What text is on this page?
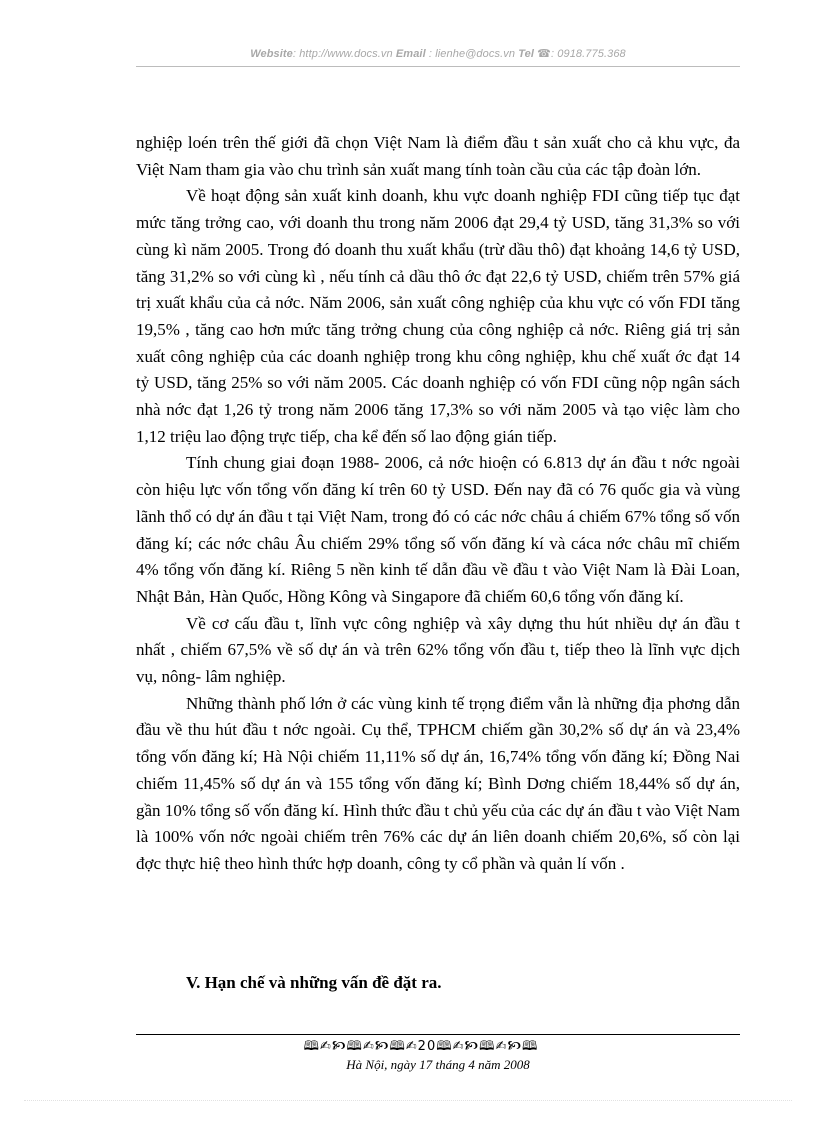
Website: http://www.docs.vn Email : lienhe@docs.vn Tel ☎: 0918.775.368

nghiệp loén trên thế giới đã chọn Việt Nam là điểm đầu t sản xuất cho cả khu vực, đa Việt Nam tham gia vào chu trình sản xuất mang tính toàn cầu của các tập đoàn lớn.

Về hoạt động sản xuất kinh doanh, khu vực doanh nghiệp FDI cũng tiếp tục đạt mức tăng trởng cao, với doanh thu trong năm 2006 đạt 29,4 tỷ USD, tăng 31,3% so với cùng kì năm 2005. Trong đó doanh thu xuất khẩu (trừ dầu thô) đạt khoảng 14,6 tỷ USD, tăng 31,2% so với cùng kì , nếu tính cả dầu thô ớc đạt 22,6 tỷ USD, chiếm trên 57% giá trị xuất khẩu của cả nớc. Năm 2006, sản xuất công nghiệp của khu vực có vốn FDI tăng 19,5% , tăng cao hơn mức tăng trởng chung của công nghiệp cả nớc. Riêng giá trị sản xuất công nghiệp của các doanh nghiệp trong khu công nghiệp, khu chế xuất ớc đạt 14 tỷ USD, tăng 25% so với năm 2005. Các doanh nghiệp có vốn FDI cũng nộp ngân sách nhà nớc đạt 1,26 tỷ trong năm 2006 tăng 17,3% so với năm 2005 và tạo việc làm cho 1,12 triệu lao động trực tiếp, cha kể đến số lao động gián tiếp.

Tính chung giai đoạn 1988- 2006, cả nớc hioện có 6.813 dự án đầu t nớc ngoài còn hiệu lực vốn tổng vốn đăng kí trên 60 tỷ USD. Đến nay đã có 76 quốc gia và vùng lãnh thổ có dự án đầu t tại Việt Nam, trong đó có các nớc châu á chiếm 67% tổng số vốn đăng kí; các nớc châu Âu chiếm 29% tổng số vốn đăng kí và cáca nớc châu mĩ chiếm 4% tổng vốn đăng kí. Riêng 5 nền kinh tế dẫn đầu về đầu t vào Việt Nam là Đài Loan, Nhật Bản, Hàn Quốc, Hồng Kông và Singapore đã chiếm 60,6 tổng vốn đăng kí.

Về cơ cấu đầu t, lĩnh vực công nghiệp và xây dựng thu hút nhiều dự án đầu t nhất , chiếm 67,5% về số dự án và trên 62% tổng vốn đầu t, tiếp theo là lĩnh vực dịch vụ, nông- lâm nghiệp.

Những thành phố lớn ở các vùng kinh tế trọng điểm vẫn là những địa phơng dẫn đầu về thu hút đầu t nớc ngoài. Cụ thể, TPHCM chiếm gần 30,2% số dự án và 23,4% tổng vốn đăng kí; Hà Nội chiếm 11,11% số dự án, 16,74% tổng vốn đăng kí; Đồng Nai chiếm 11,45% số dự án và 155 tổng vốn đăng kí; Bình Dơng chiếm 18,44% số dự án, gần 10% tổng số vốn đăng kí. Hình thức đầu t chủ yếu của các dự án đầu t vào Việt Nam là 100% vốn nớc ngoài chiếm trên 76% các dự án liên doanh chiếm 20,6%, số còn lại đợc thực hiệ theo hình thức hợp doanh, công ty cổ phần và quản lí vốn .

V. Hạn chế và những vấn đề đặt ra.
🕮✍🙥🕮✍🙥🕮✍20🕮✍🙥🕮✍🙥🕮
Hà Nội, ngày 17 tháng 4 năm 2008
